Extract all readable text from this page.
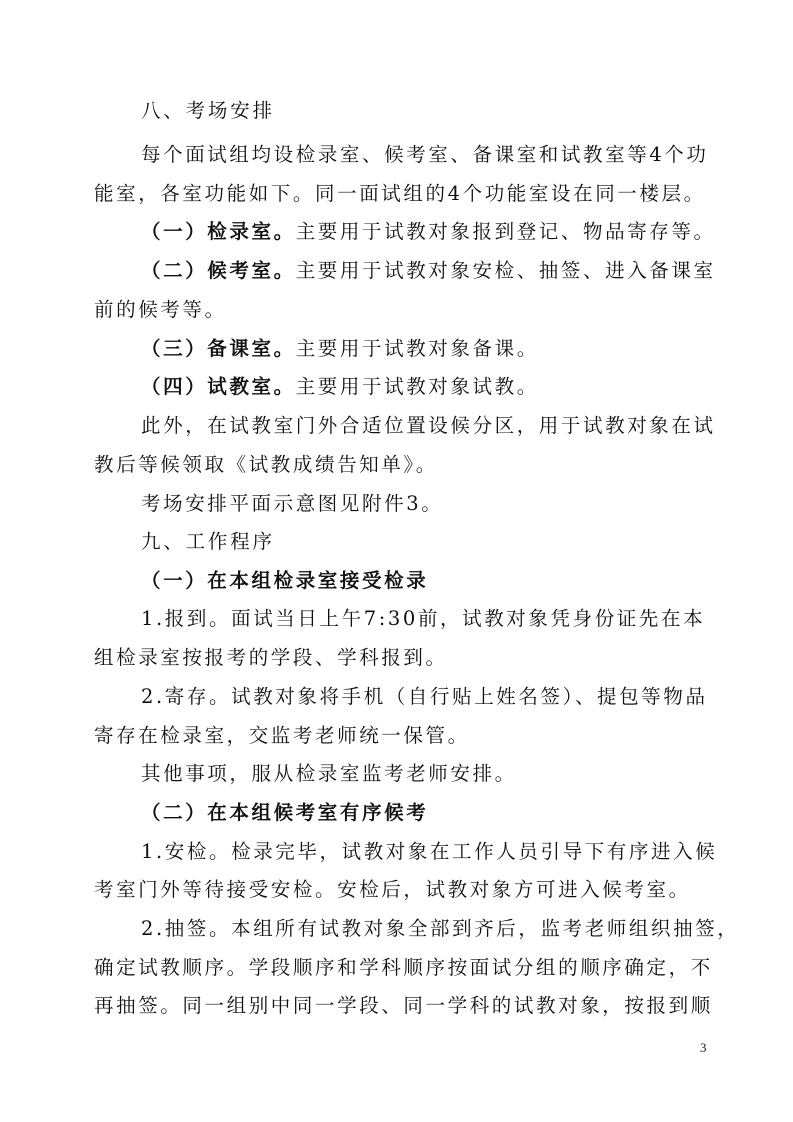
八、考场安排
每个面试组均设检录室、候考室、备课室和试教室等4个功
能室，各室功能如下。同一面试组的4个功能室设在同一楼层。
（一）检录室。主要用于试教对象报到登记、物品寄存等。
（二）候考室。主要用于试教对象安检、抽签、进入备课室
前的候考等。
（三）备课室。主要用于试教对象备课。
（四）试教室。主要用于试教对象试教。
此外，在试教室门外合适位置设候分区，用于试教对象在试
教后等候领取《试教成绩告知单》。
考场安排平面示意图见附件3。
九、工作程序
（一）在本组检录室接受检录
1.报到。面试当日上午7:30前，试教对象凭身份证先在本
组检录室按报考的学段、学科报到。
2.寄存。试教对象将手机（自行贴上姓名签）、提包等物品
寄存在检录室，交监考老师统一保管。
其他事项，服从检录室监考老师安排。
（二）在本组候考室有序候考
1.安检。检录完毕，试教对象在工作人员引导下有序进入候
考室门外等待接受安检。安检后，试教对象方可进入候考室。
2.抽签。本组所有试教对象全部到齐后，监考老师组织抽签，
确定试教顺序。学段顺序和学科顺序按面试分组的顺序确定，不
再抽签。同一组别中同一学段、同一学科的试教对象，按报到顺
3
